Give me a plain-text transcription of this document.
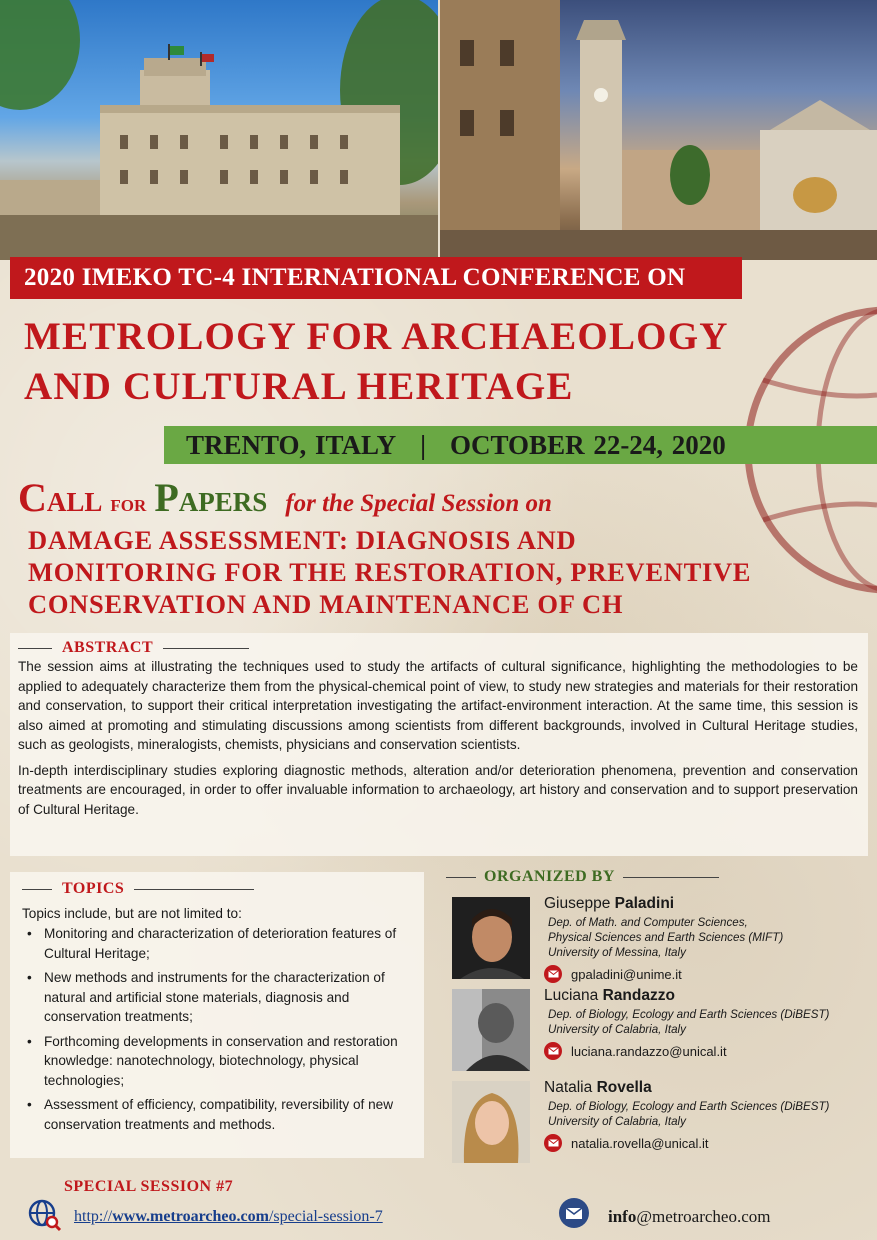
2020 IMEKO TC-4 INTERNATIONAL CONFERENCE ON
METROLOGY FOR ARCHAEOLOGY
AND CULTURAL HERITAGE
TRENTO, ITALY | OCTOBER 22-24, 2020
CALL FOR PAPERS for the Special Session on
DAMAGE ASSESSMENT: DIAGNOSIS AND
MONITORING FOR THE RESTORATION, PREVENTIVE
CONSERVATION AND MAINTENANCE OF CH
ABSTRACT

The session aims at illustrating the techniques used to study the artifacts of cultural significance, highlighting the methodologies to be applied to adequately characterize them from the physical-chemical point of view, to study new strategies and materials for their restoration and conservation, to support their critical interpretation investigating the artifact-environment interaction. At the same time, this session is also aimed at promoting and stimulating discussions among scientists from different backgrounds, involved in Cultural Heritage studies, such as geologists, mineralogists, chemists, physicians and conservation scientists.

In-depth interdisciplinary studies exploring diagnostic methods, alteration and/or deterioration phenomena, prevention and conservation treatments are encouraged, in order to offer invaluable information to archaeology, art history and conservation and to support preservation of Cultural Heritage.

TOPICS
Topics include, but are not limited to:
• Monitoring and characterization of deterioration features of Cultural Heritage;
• New methods and instruments for the characterization of natural and artificial stone materials, diagnosis and conservation treatments;
• Forthcoming developments in conservation and restoration knowledge: nanotechnology, biotechnology, physical technologies;
• Assessment of efficiency, compatibility, reversibility of new conservation treatments and methods.
ORGANIZED BY
Giuseppe Paladini
Dep. of Math. and Computer Sciences,
Physical Sciences and Earth Sciences (MIFT)
University of Messina, Italy
gpaladini@unime.it
Luciana Randazzo
Dep. of Biology, Ecology and Earth Sciences (DiBEST)
University of Calabria, Italy
luciana.randazzo@unical.it
Natalia Rovella
Dep. of Biology, Ecology and Earth Sciences (DiBEST)
University of Calabria, Italy
natalia.rovella@unical.it
SPECIAL SESSION #7
http://www.metroarcheo.com/special-session-7	info@metroarcheo.com
